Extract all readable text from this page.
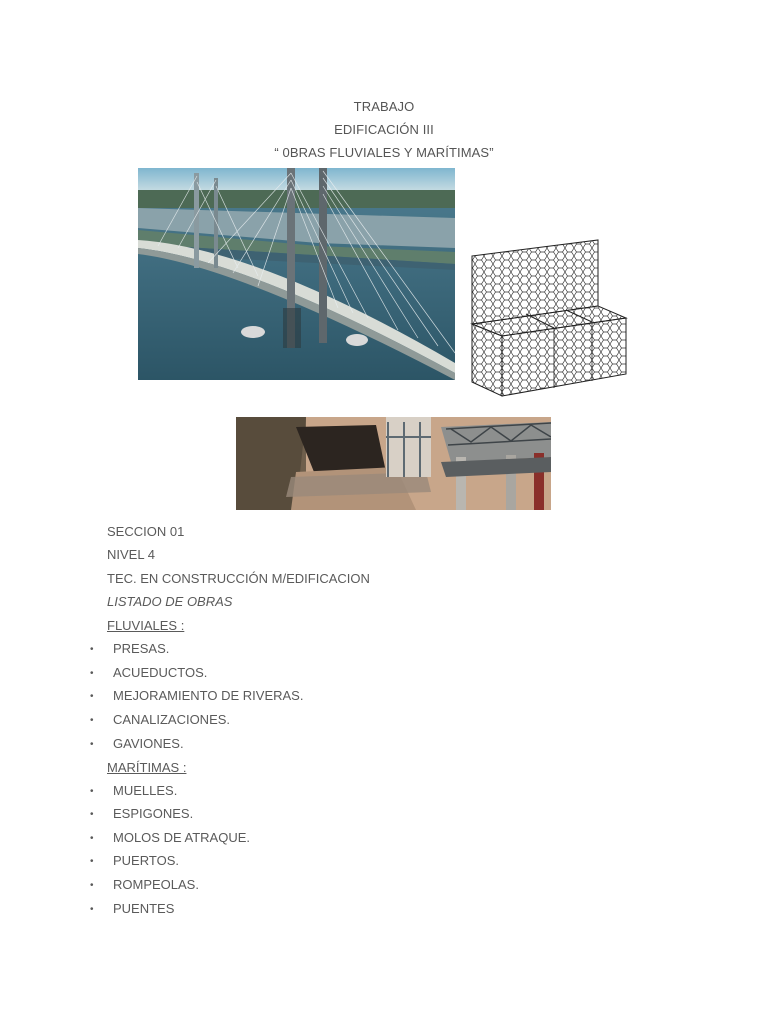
TRABAJO
EDIFICACIÓN III
“ 0BRAS FLUVIALES Y MARÍTIMAS”
SECCION 01
NIVEL 4
TEC. EN CONSTRUCCIÓN M/EDIFICACION
LISTADO DE OBRAS
FLUVIALES :
• PRESAS.
• ACUEDUCTOS.
• MEJORAMIENTO DE RIVERAS.
• CANALIZACIONES.
• GAVIONES.
MARÍTIMAS :
• MUELLES.
• ESPIGONES.
• MOLOS DE ATRAQUE.
• PUERTOS.
• ROMPEOLAS.
• PUENTES
